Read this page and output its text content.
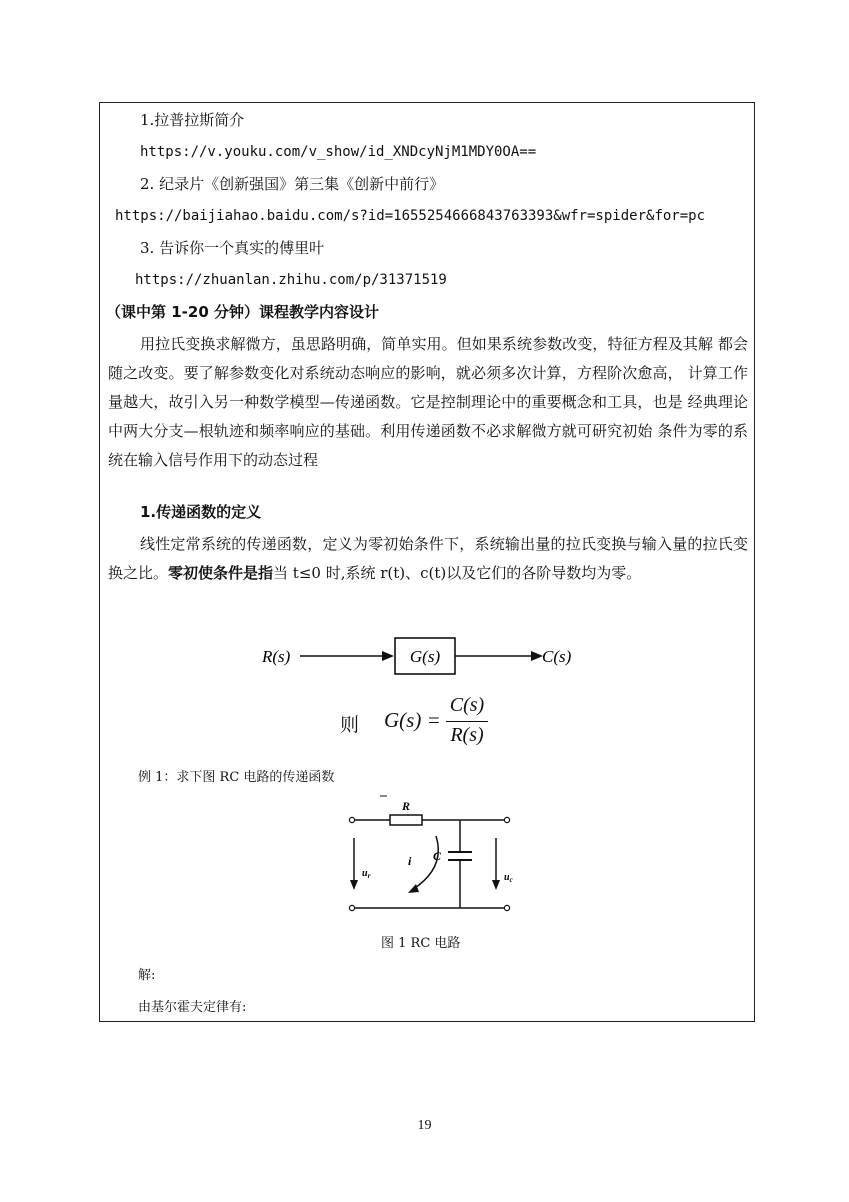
1.拉普拉斯简介
https://v.youku.com/v_show/id_XNDcyNjM1MDY0OA==
2. 纪录片《创新强国》第三集《创新中前行》
https://baijiahao.baidu.com/s?id=1655254666843763393&wfr=spider&for=pc
3. 告诉你一个真实的傅里叶
https://zhuanlan.zhihu.com/p/31371519
（课中第 1-20 分钟）课程教学内容设计
用拉氏变换求解微方，虽思路明确，简单实用。但如果系统参数改变，特征方程及其解 都会随之改变。要了解参数变化对系统动态响应的影响，就必须多次计算，方程阶次愈高， 计算工作量越大，故引入另一种数学模型—传递函数。它是控制理论中的重要概念和工具，也是 经典理论中两大分支—根轨迹和频率响应的基础。利用传递函数不必求解微方就可研究初始 条件为零的系统在输入信号作用下的动态过程
1.传递函数的定义
线性定常系统的传递函数，定义为零初始条件下，系统输出量的拉氏变换与输入量的拉氏变换之比。零初使条件是指当 t≤0 时,系统 r(t)、c(t)以及它们的各阶导数均为零。
R(s)	G(s)	C(s)
则 G(s) =
C(s)
R(s)
例 1：求下图 RC 电路的传递函数
R
C
i
$u_r$	$u_c$
图 1 RC 电路
解:
由基尔霍夫定律有:
19
